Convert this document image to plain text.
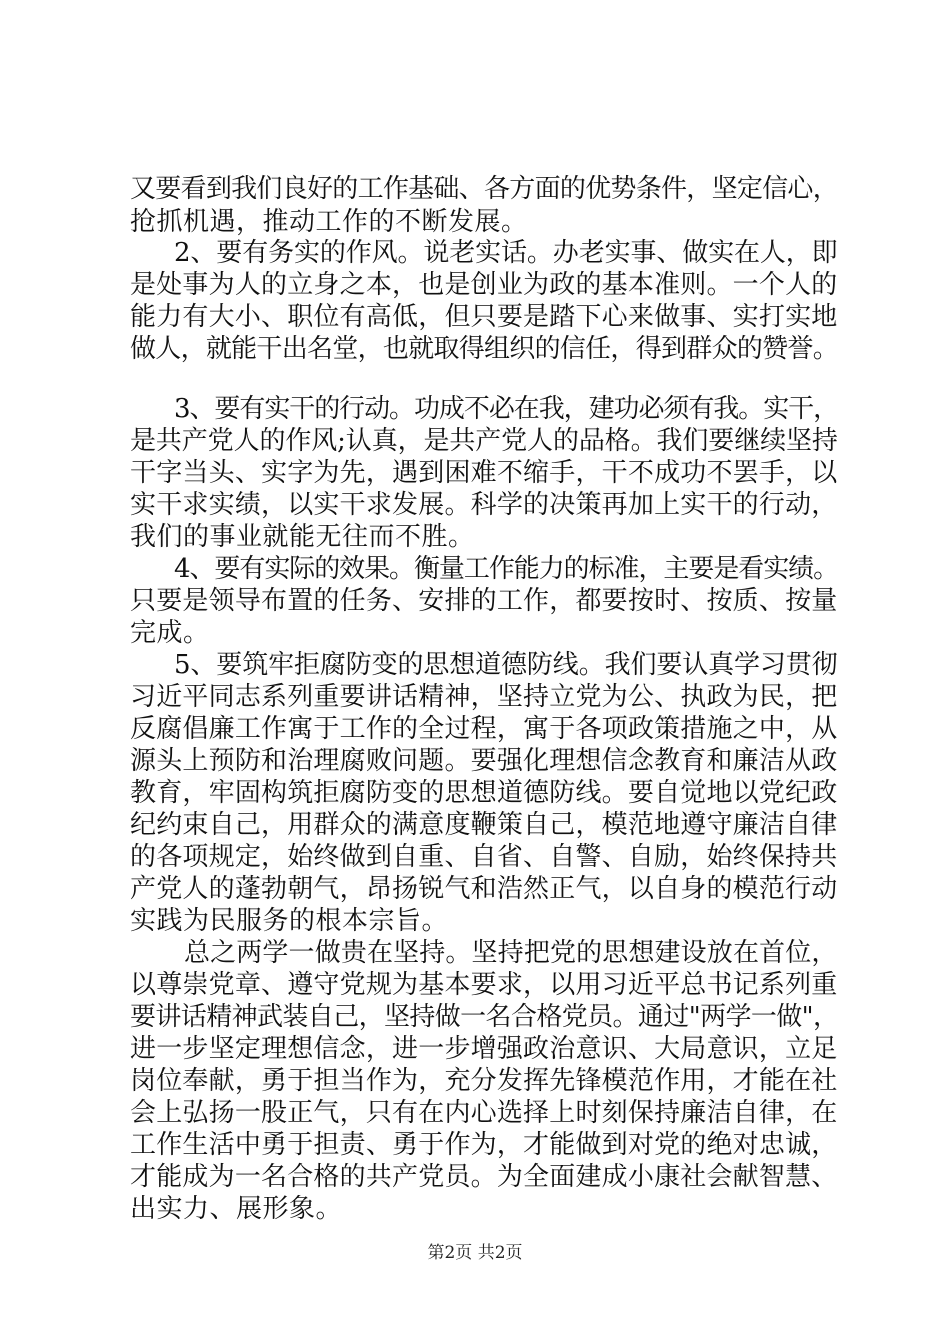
又要看到我们良好的工作基础、各方面的优势条件，坚定信心，
抢抓机遇，推动工作的不断发展。
2、要有务实的作风。说老实话。办老实事、做实在人，即
是处事为人的立身之本，也是创业为政的基本准则。一个人的
能力有大小、职位有高低，但只要是踏下心来做事、实打实地
做人，就能干出名堂，也就取得组织的信任，得到群众的赞誉。
3、要有实干的行动。功成不必在我，建功必须有我。实干，
是共产党人的作风;认真，是共产党人的品格。我们要继续坚持
干字当头、实字为先，遇到困难不缩手，干不成功不罢手，以
实干求实绩，以实干求发展。科学的决策再加上实干的行动，
我们的事业就能无往而不胜。
4、要有实际的效果。衡量工作能力的标准，主要是看实绩。
只要是领导布置的任务、安排的工作，都要按时、按质、按量
完成。
5、要筑牢拒腐防变的思想道德防线。我们要认真学习贯彻
习近平同志系列重要讲话精神，坚持立党为公、执政为民，把
反腐倡廉工作寓于工作的全过程，寓于各项政策措施之中，从
源头上预防和治理腐败问题。要强化理想信念教育和廉洁从政
教育，牢固构筑拒腐防变的思想道德防线。要自觉地以党纪政
纪约束自己，用群众的满意度鞭策自己，模范地遵守廉洁自律
的各项规定，始终做到自重、自省、自警、自励，始终保持共
产党人的蓬勃朝气，昂扬锐气和浩然正气，以自身的模范行动
实践为民服务的根本宗旨。
总之两学一做贵在坚持。坚持把党的思想建设放在首位，
以尊崇党章、遵守党规为基本要求，以用习近平总书记系列重
要讲话精神武装自己，坚持做一名合格党员。通过"两学一做"，
进一步坚定理想信念，进一步增强政治意识、大局意识，立足
岗位奉献，勇于担当作为，充分发挥先锋模范作用，才能在社
会上弘扬一股正气，只有在内心选择上时刻保持廉洁自律，在
工作生活中勇于担责、勇于作为，才能做到对党的绝对忠诚，
才能成为一名合格的共产党员。为全面建成小康社会献智慧、
出实力、展形象。
第2页 共2页
